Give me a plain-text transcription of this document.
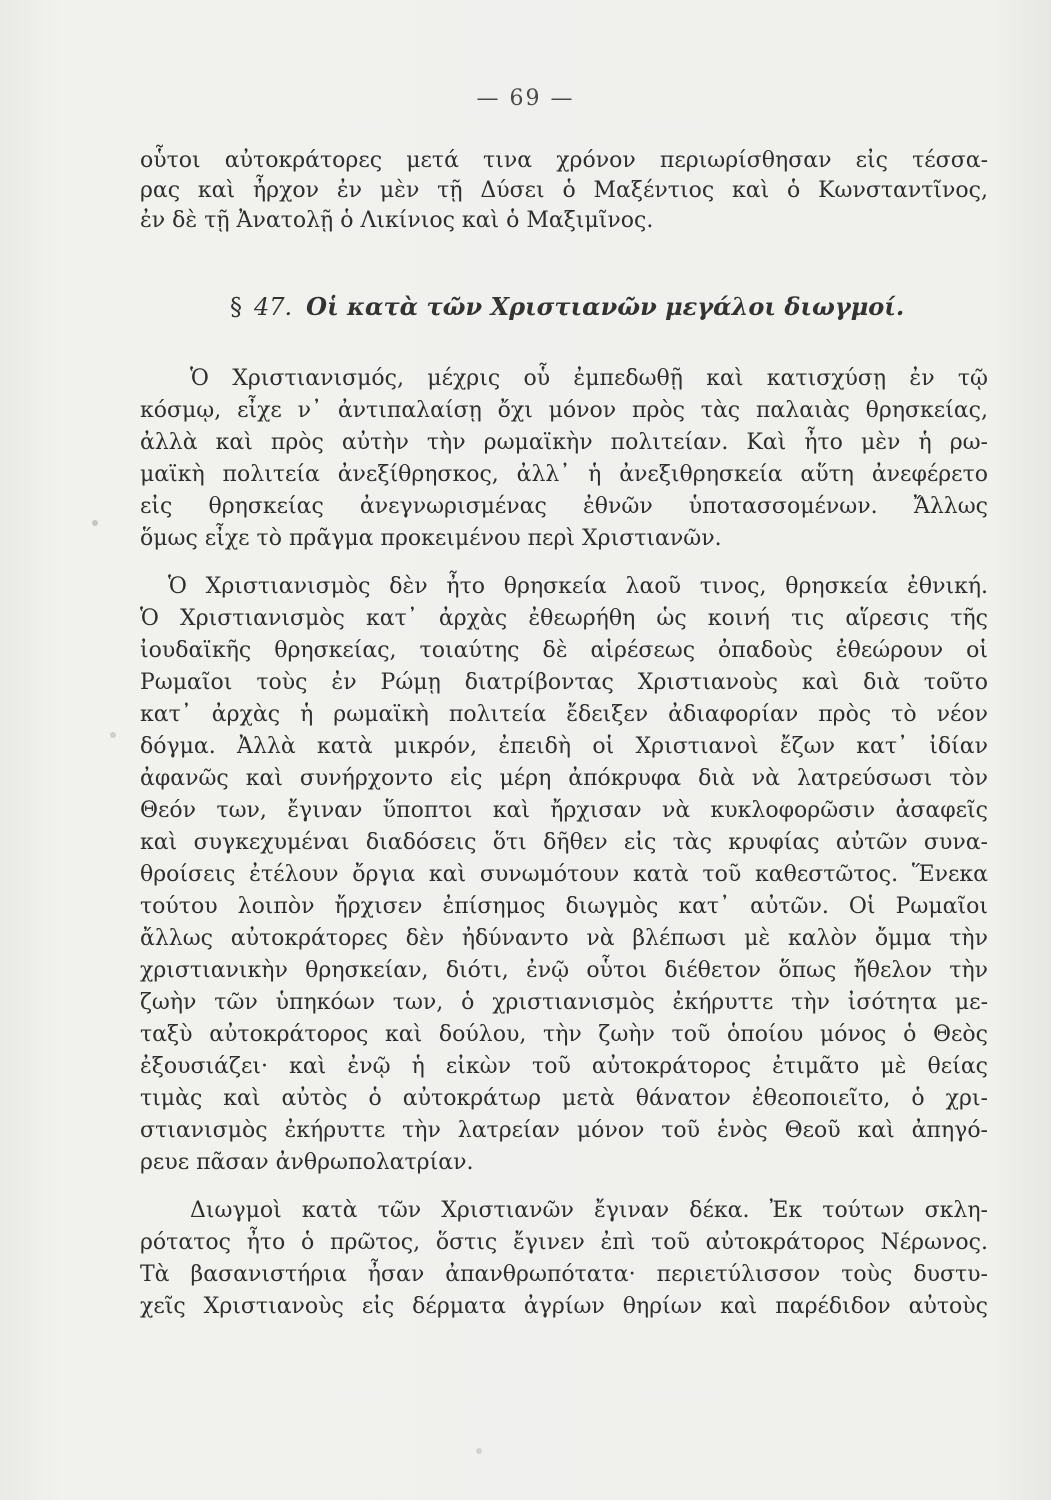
— 69 —
οὗτοι αὐτοκράτορες μετά τινα χρόνον περιωρίσθησαν εἰς τέσσα-
ρας καὶ ἦρχον ἐν μὲν τῇ Δύσει ὁ Μαξέντιος καὶ ὁ Κωνσταντῖνος,
ἐν δὲ τῇ Ἀνατολῇ ὁ Λικίνιος καὶ ὁ Μαξιμῖνος.
§ 47. Οἱ κατὰ τῶν Χριστιανῶν μεγάλοι διωγμοί.
Ὁ Χριστιανισμός, μέχρις οὗ ἐμπεδωθῇ καὶ κατισχύσῃ ἐν τῷ
κόσμῳ, εἶχε ν᾿ ἀντιπαλαίσῃ ὄχι μόνον πρὸς τὰς παλαιὰς θρησκείας,
ἀλλὰ καὶ πρὸς αὐτὴν τὴν ρωμαϊκὴν πολιτείαν. Καὶ ἦτο μὲν ἡ ρω-
μαϊκὴ πολιτεία ἀνεξίθρησκος, ἀλλ᾿ ἡ ἀνεξιθρησκεία αὕτη ἀνεφέρετο
εἰς θρησκείας ἀνεγνωρισμένας ἐθνῶν ὑποτασσομένων. Ἄλλως
ὅμως εἶχε τὸ πρᾶγμα προκειμένου περὶ Χριστιανῶν.
Ὁ Χριστιανισμὸς δὲν ἦτο θρησκεία λαοῦ τινος, θρησκεία ἐθνική.
Ὁ Χριστιανισμὸς κατ᾿ ἀρχὰς ἐθεωρήθη ὡς κοινή τις αἵρεσις τῆς
ἰουδαϊκῆς θρησκείας, τοιαύτης δὲ αἱρέσεως ὀπαδοὺς ἐθεώρουν οἱ
Ρωμαῖοι τοὺς ἐν Ρώμῃ διατρίβοντας Χριστιανοὺς καὶ διὰ τοῦτο
κατ᾿ ἀρχὰς ἡ ρωμαϊκὴ πολιτεία ἔδειξεν ἀδιαφορίαν πρὸς τὸ νέον
δόγμα. Ἀλλὰ κατὰ μικρόν, ἐπειδὴ οἱ Χριστιανοὶ ἔζων κατ᾿ ἰδίαν
ἀφανῶς καὶ συνήρχοντο εἰς μέρη ἀπόκρυφα διὰ νὰ λατρεύσωσι τὸν
Θεόν των, ἔγιναν ὕποπτοι καὶ ἤρχισαν νὰ κυκλοφορῶσιν ἀσαφεῖς
καὶ συγκεχυμέναι διαδόσεις ὅτι δῆθεν εἰς τὰς κρυφίας αὐτῶν συνα-
θροίσεις ἐτέλουν ὄργια καὶ συνωμότουν κατὰ τοῦ καθεστῶτος. Ἕνεκα
τούτου λοιπὸν ἤρχισεν ἐπίσημος διωγμὸς κατ᾿ αὐτῶν. Οἱ Ρωμαῖοι
ἄλλως αὐτοκράτορες δὲν ἠδύναντο νὰ βλέπωσι μὲ καλὸν ὄμμα τὴν
χριστιανικὴν θρησκείαν, διότι, ἐνῷ οὗτοι διέθετον ὅπως ἤθελον τὴν
ζωὴν τῶν ὑπηκόων των, ὁ χριστιανισμὸς ἐκήρυττε τὴν ἰσότητα με-
ταξὺ αὐτοκράτορος καὶ δούλου, τὴν ζωὴν τοῦ ὁποίου μόνος ὁ Θεὸς
ἐξουσιάζει· καὶ ἐνῷ ἡ εἰκὼν τοῦ αὐτοκράτορος ἐτιμᾶτο μὲ θείας
τιμὰς καὶ αὐτὸς ὁ αὐτοκράτωρ μετὰ θάνατον ἐθεοποιεῖτο, ὁ χρι-
στιανισμὸς ἐκήρυττε τὴν λατρείαν μόνον τοῦ ἑνὸς Θεοῦ καὶ ἀπηγό-
ρευε πᾶσαν ἀνθρωπολατρίαν.
Διωγμοὶ κατὰ τῶν Χριστιανῶν ἔγιναν δέκα. Ἐκ τούτων σκλη-
ρότατος ἦτο ὁ πρῶτος, ὅστις ἔγινεν ἐπὶ τοῦ αὐτοκράτορος Νέρωνος.
Τὰ βασανιστήρια ἦσαν ἀπανθρωπότατα· περιετύλισσον τοὺς δυστυ-
χεῖς Χριστιανοὺς εἰς δέρματα ἀγρίων θηρίων καὶ παρέδιδον αὐτοὺς
